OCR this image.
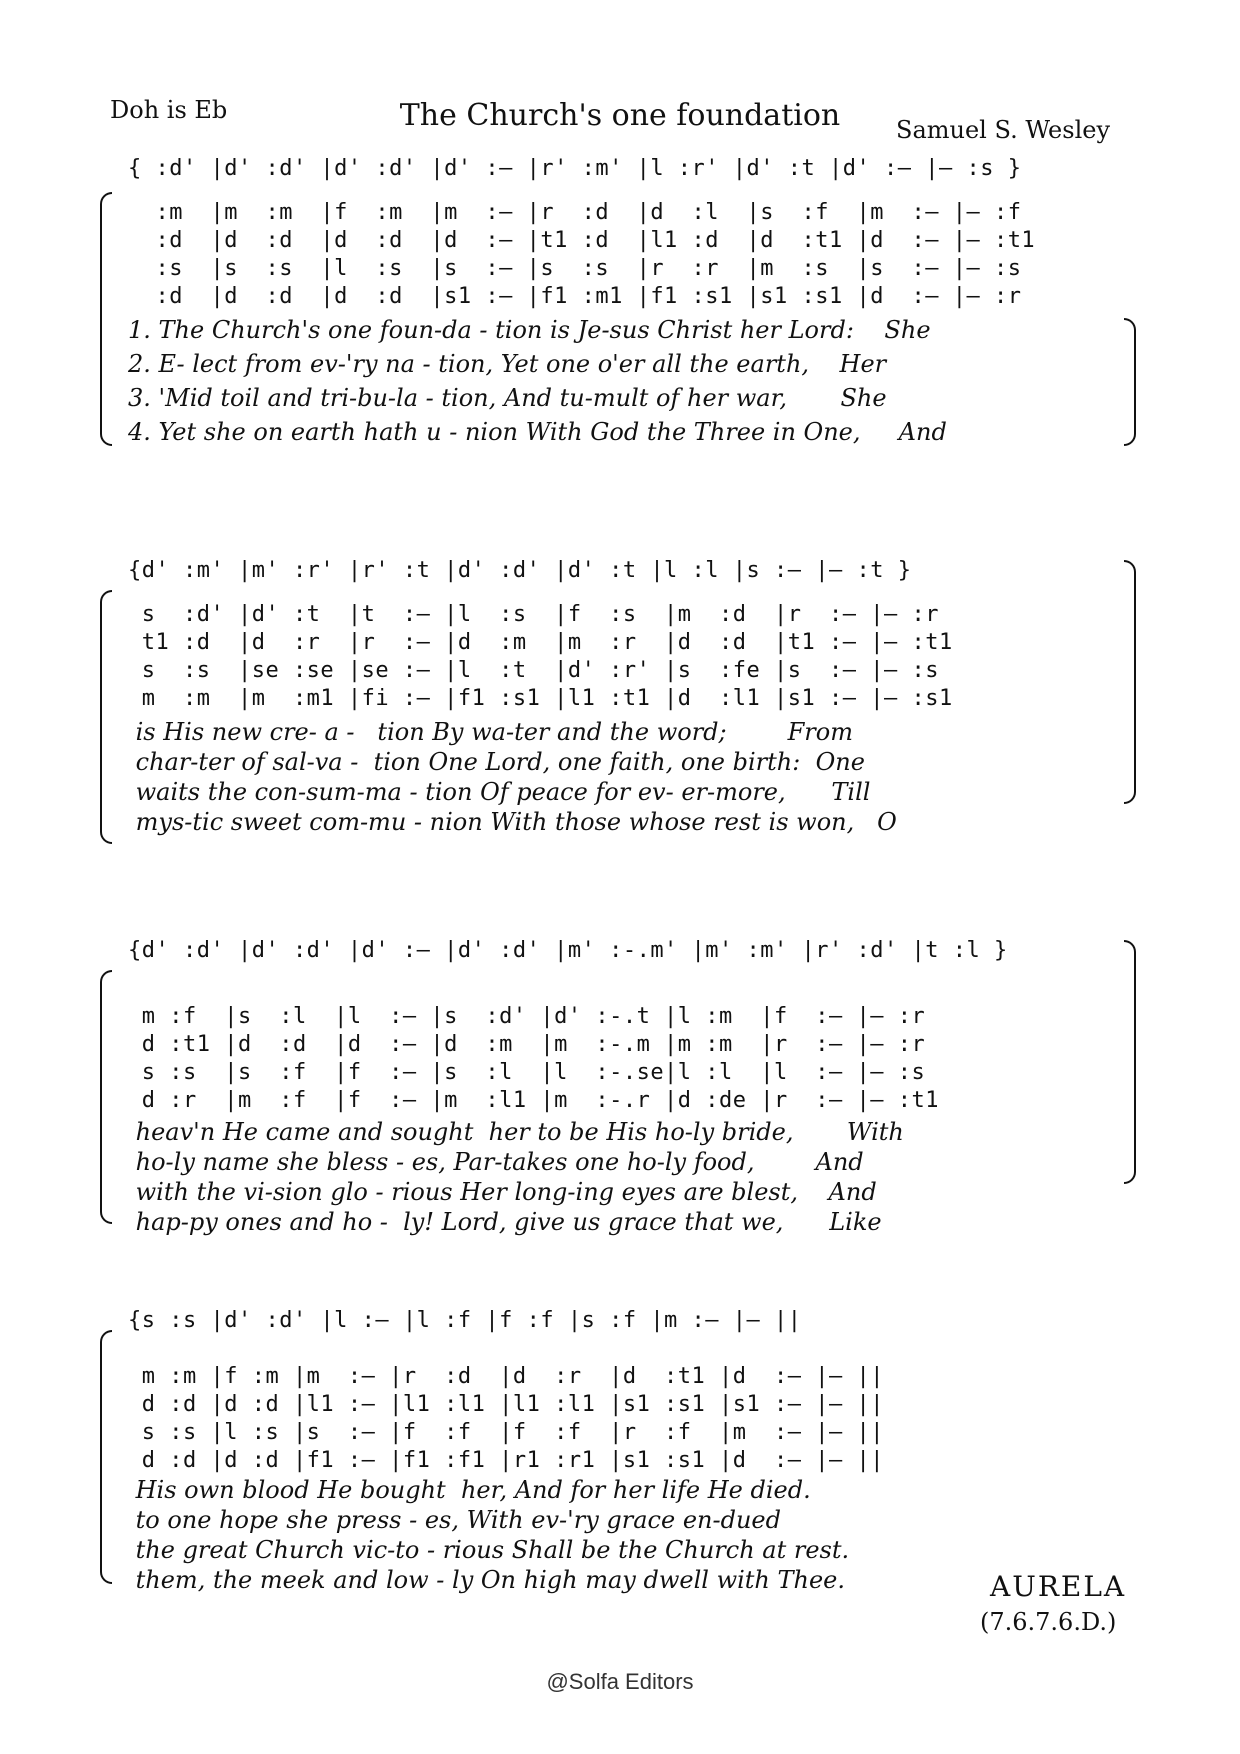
Doh is Eb	The Church's one foundation	Samuel S. Wesley
{ :d' |d' :d' |d' :d' |d' :— |r' :m' |l :r' |d' :t |d' :— |— :s }
:m  |m  :m  |f  :m  |m  :— |r  :d  |d  :l  |s  :f  |m  :— |— :f
:d  |d  :d  |d  :d  |d  :— |t1 :d  |l1 :d  |d  :t1 |d  :— |— :t1
:s  |s  :s  |l  :s  |s  :— |s  :s  |r  :r  |m  :s  |s  :— |— :s
:d  |d  :d  |d  :d  |s1 :— |f1 :m1 |f1 :s1 |s1 :s1 |d  :— |— :r
1. The Church's one foun-da - tion is Je-sus Christ her Lord:    She
2. E- lect from ev-'ry na - tion, Yet one o'er all the earth,    Her
3. 'Mid toil and tri-bu-la - tion, And tu-mult of her war,       She
4. Yet she on earth hath u - nion With God the Three in One,     And
{d' :m' |m' :r' |r' :t |d' :d' |d' :t |l :l |s :— |— :t }
s  :d' |d' :t  |t  :— |l  :s  |f  :s  |m  :d  |r  :— |— :r
t1 :d  |d  :r  |r  :— |d  :m  |m  :r  |d  :d  |t1 :— |— :t1
s  :s  |se :se |se :— |l  :t  |d' :r' |s  :fe |s  :— |— :s
m  :m  |m  :m1 |fi :— |f1 :s1 |l1 :t1 |d  :l1 |s1 :— |— :s1
is His new cre- a -   tion By wa-ter and the word;        From
char-ter of sal-va -  tion One Lord, one faith, one birth:  One
waits the con-sum-ma - tion Of peace for ev- er-more,      Till
mys-tic sweet com-mu - nion With those whose rest is won,   O
{d' :d' |d' :d' |d' :— |d' :d' |m' :-.m' |m' :m' |r' :d' |t :l }
m :f  |s  :l  |l  :— |s  :d' |d' :-.t |l :m  |f  :— |— :r
d :t1 |d  :d  |d  :— |d  :m  |m  :-.m |m :m  |r  :— |— :r
s :s  |s  :f  |f  :— |s  :l  |l  :-.se|l :l  |l  :— |— :s
d :r  |m  :f  |f  :— |m  :l1 |m  :-.r |d :de |r  :— |— :t1
heav'n He came and sought  her to be His ho-ly bride,       With
ho-ly name she bless - es, Par-takes one ho-ly food,        And
with the vi-sion glo - rious Her long-ing eyes are blest,    And
hap-py ones and ho -  ly! Lord, give us grace that we,      Like
{s :s |d' :d' |l :— |l :f |f :f |s :f |m :— |— ||
m :m |f :m |m  :— |r  :d  |d  :r  |d  :t1 |d  :— |— ||
d :d |d :d |l1 :— |l1 :l1 |l1 :l1 |s1 :s1 |s1 :— |— ||
s :s |l :s |s  :— |f  :f  |f  :f  |r  :f  |m  :— |— ||
d :d |d :d |f1 :— |f1 :f1 |r1 :r1 |s1 :s1 |d  :— |— ||
His own blood He bought  her, And for her life He died.
to one hope she press - es, With ev-'ry grace en-dued
the great Church vic-to - rious Shall be the Church at rest.
them, the meek and low - ly On high may dwell with Thee.	AURELA
(7.6.7.6.D.)
@Solfa Editors
